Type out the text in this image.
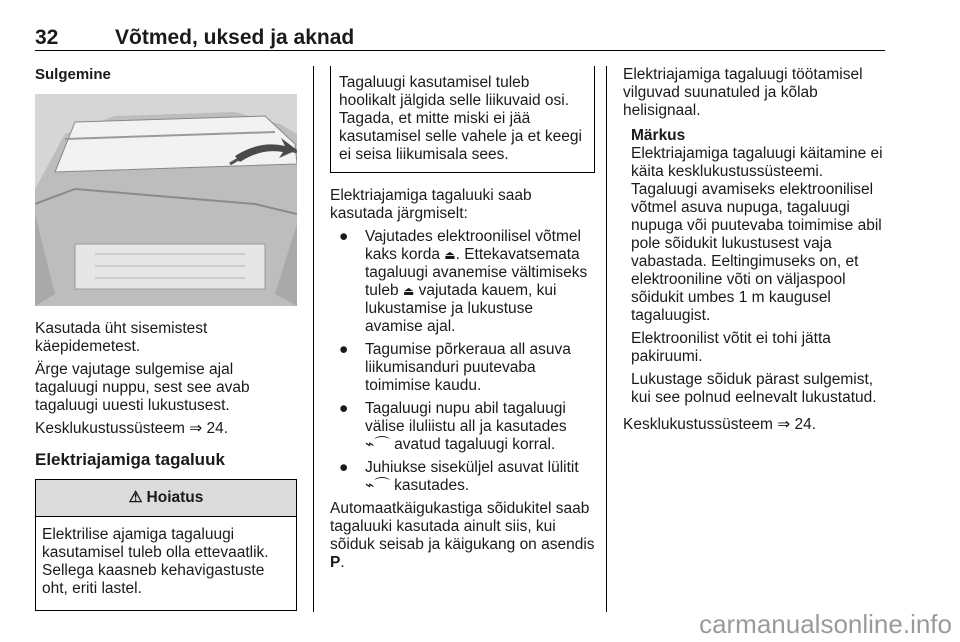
32	Võtmed, uksed ja aknad

Sulgemine

Kasutada üht sisemistest käepidemetest.

Ärge vajutage sulgemise ajal tagaluugi nuppu, sest see avab tagaluugi uuesti lukustusest.

Kesklukustussüsteem ⇒ 24.

Elektriajamiga tagaluuk

⚠ Hoiatus
Elektrilise ajamiga tagaluugi kasutamisel tuleb olla ettevaatlik. Sellega kaasneb kehavigastuste oht, eriti lastel.

Tagaluugi kasutamisel tuleb hoolikalt jälgida selle liikuvaid osi. Tagada, et mitte miski ei jää kasutamisel selle vahele ja et keegi ei seisa liikumisala sees.

Elektriajamiga tagaluuki saab kasutada järgmiselt:

● Vajutades elektroonilisel võtmel kaks korda ⏏. Ettekavatsemata tagaluugi avanemise vältimiseks tuleb ⏏ vajutada kauem, kui lukustamise ja lukustuse avamise ajal.
● Tagumise põrkeraua all asuva liikumisanduri puutevaba toimimise kaudu.
● Tagaluugi nupu abil tagaluugi välise iluliistu all ja kasutades
⌁⌒ avatud tagaluugi korral.
● Juhiukse siseküljel asuvat lülitit
⌁⌒ kasutades.

Automaatkäigukastiga sõidukitel saab tagaluuki kasutada ainult siis, kui sõiduk seisab ja käigukang on asendis P.

Elektriajamiga tagaluugi töötamisel vilguvad suunatuled ja kõlab helisignaal.

Märkus

Elektriajamiga tagaluugi käitamine ei käita kesklukustussüsteemi. Tagaluugi avamiseks elektroonilisel võtmel asuva nupuga, tagaluugi nupuga või puutevaba toimimise abil pole sõidukit lukustusest vaja vabastada. Eeltingimuseks on, et elektrooniline võti on väljaspool sõidukit umbes 1 m kaugusel tagaluugist.

Elektroonilist võtit ei tohi jätta pakiruumi.

Lukustage sõiduk pärast sulgemist, kui see polnud eelnevalt lukustatud.

Kesklukustussüsteem ⇒ 24.

carmanualsonline.info
